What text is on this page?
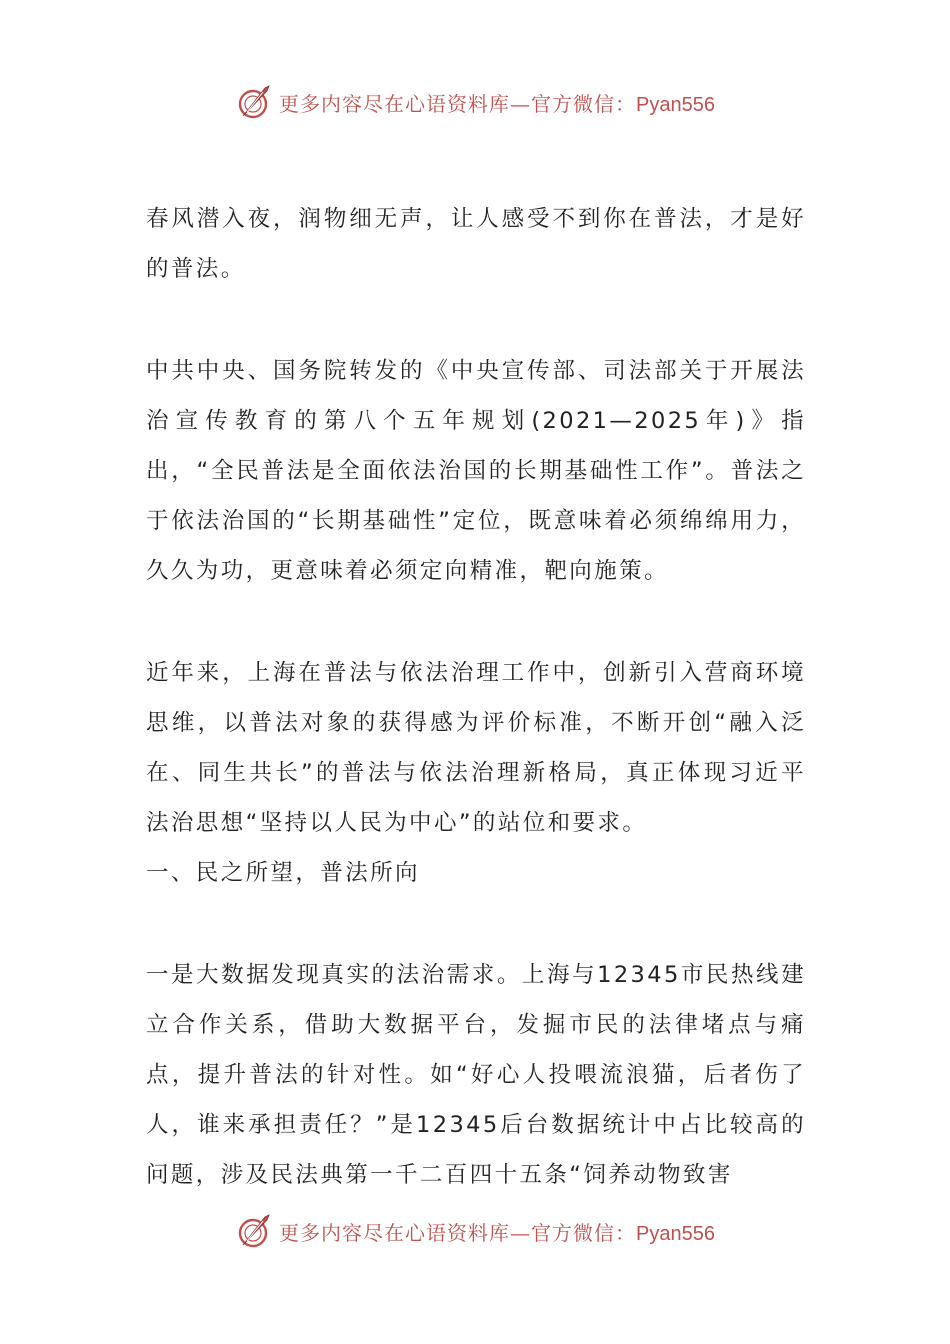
更多内容尽在心语资料库—官方微信：Pyan556

春风潜入夜，润物细无声，让人感受不到你在普法，才是好的普法。

中共中央、国务院转发的《中央宣传部、司法部关于开展法治宣传教育的第八个五年规划(2021—2025年)》指出，“全民普法是全面依法治国的长期基础性工作”。普法之于依法治国的“长期基础性”定位，既意味着必须绵绵用力，久久为功，更意味着必须定向精准，靶向施策。

近年来，上海在普法与依法治理工作中，创新引入营商环境思维，以普法对象的获得感为评价标准，不断开创“融入泛在、同生共长”的普法与依法治理新格局，真正体现习近平法治思想“坚持以人民为中心”的站位和要求。

一、民之所望，普法所向

一是大数据发现真实的法治需求。上海与12345市民热线建立合作关系，借助大数据平台，发掘市民的法律堵点与痛点，提升普法的针对性。如“好心人投喂流浪猫，后者伤了人，谁来承担责任？”是12345后台数据统计中占比较高的问题，涉及民法典第一千二百四十五条“饲养动物致害

更多内容尽在心语资料库—官方微信：Pyan556
